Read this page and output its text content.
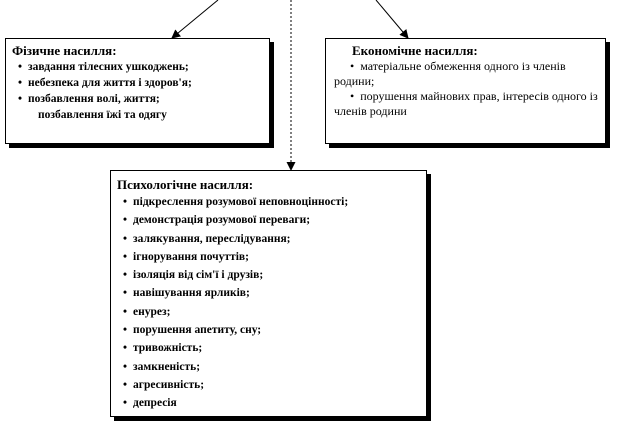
Фізичне насилля:
• завдання тілесних ушкоджень;
• небезпека для життя і здоров'я;
• позбавлення волі, життя;
позбавлення їжі та одягу
Економічне насилля:
• матеріальне обмеження одного із членів родини;
• порушення майнових прав, інтересів одного із членів родини
Психологічне насилля:
• підкреслення розумової неповноцінності;
• демонстрація розумової переваги;
• залякування, переслідування;
• ігнорування почуттів;
• ізоляція від сім'ї і друзів;
• навішування ярликів;
• енурез;
• порушення апетиту, сну;
• тривожність;
• замкненість;
• агресивність;
• депресія
